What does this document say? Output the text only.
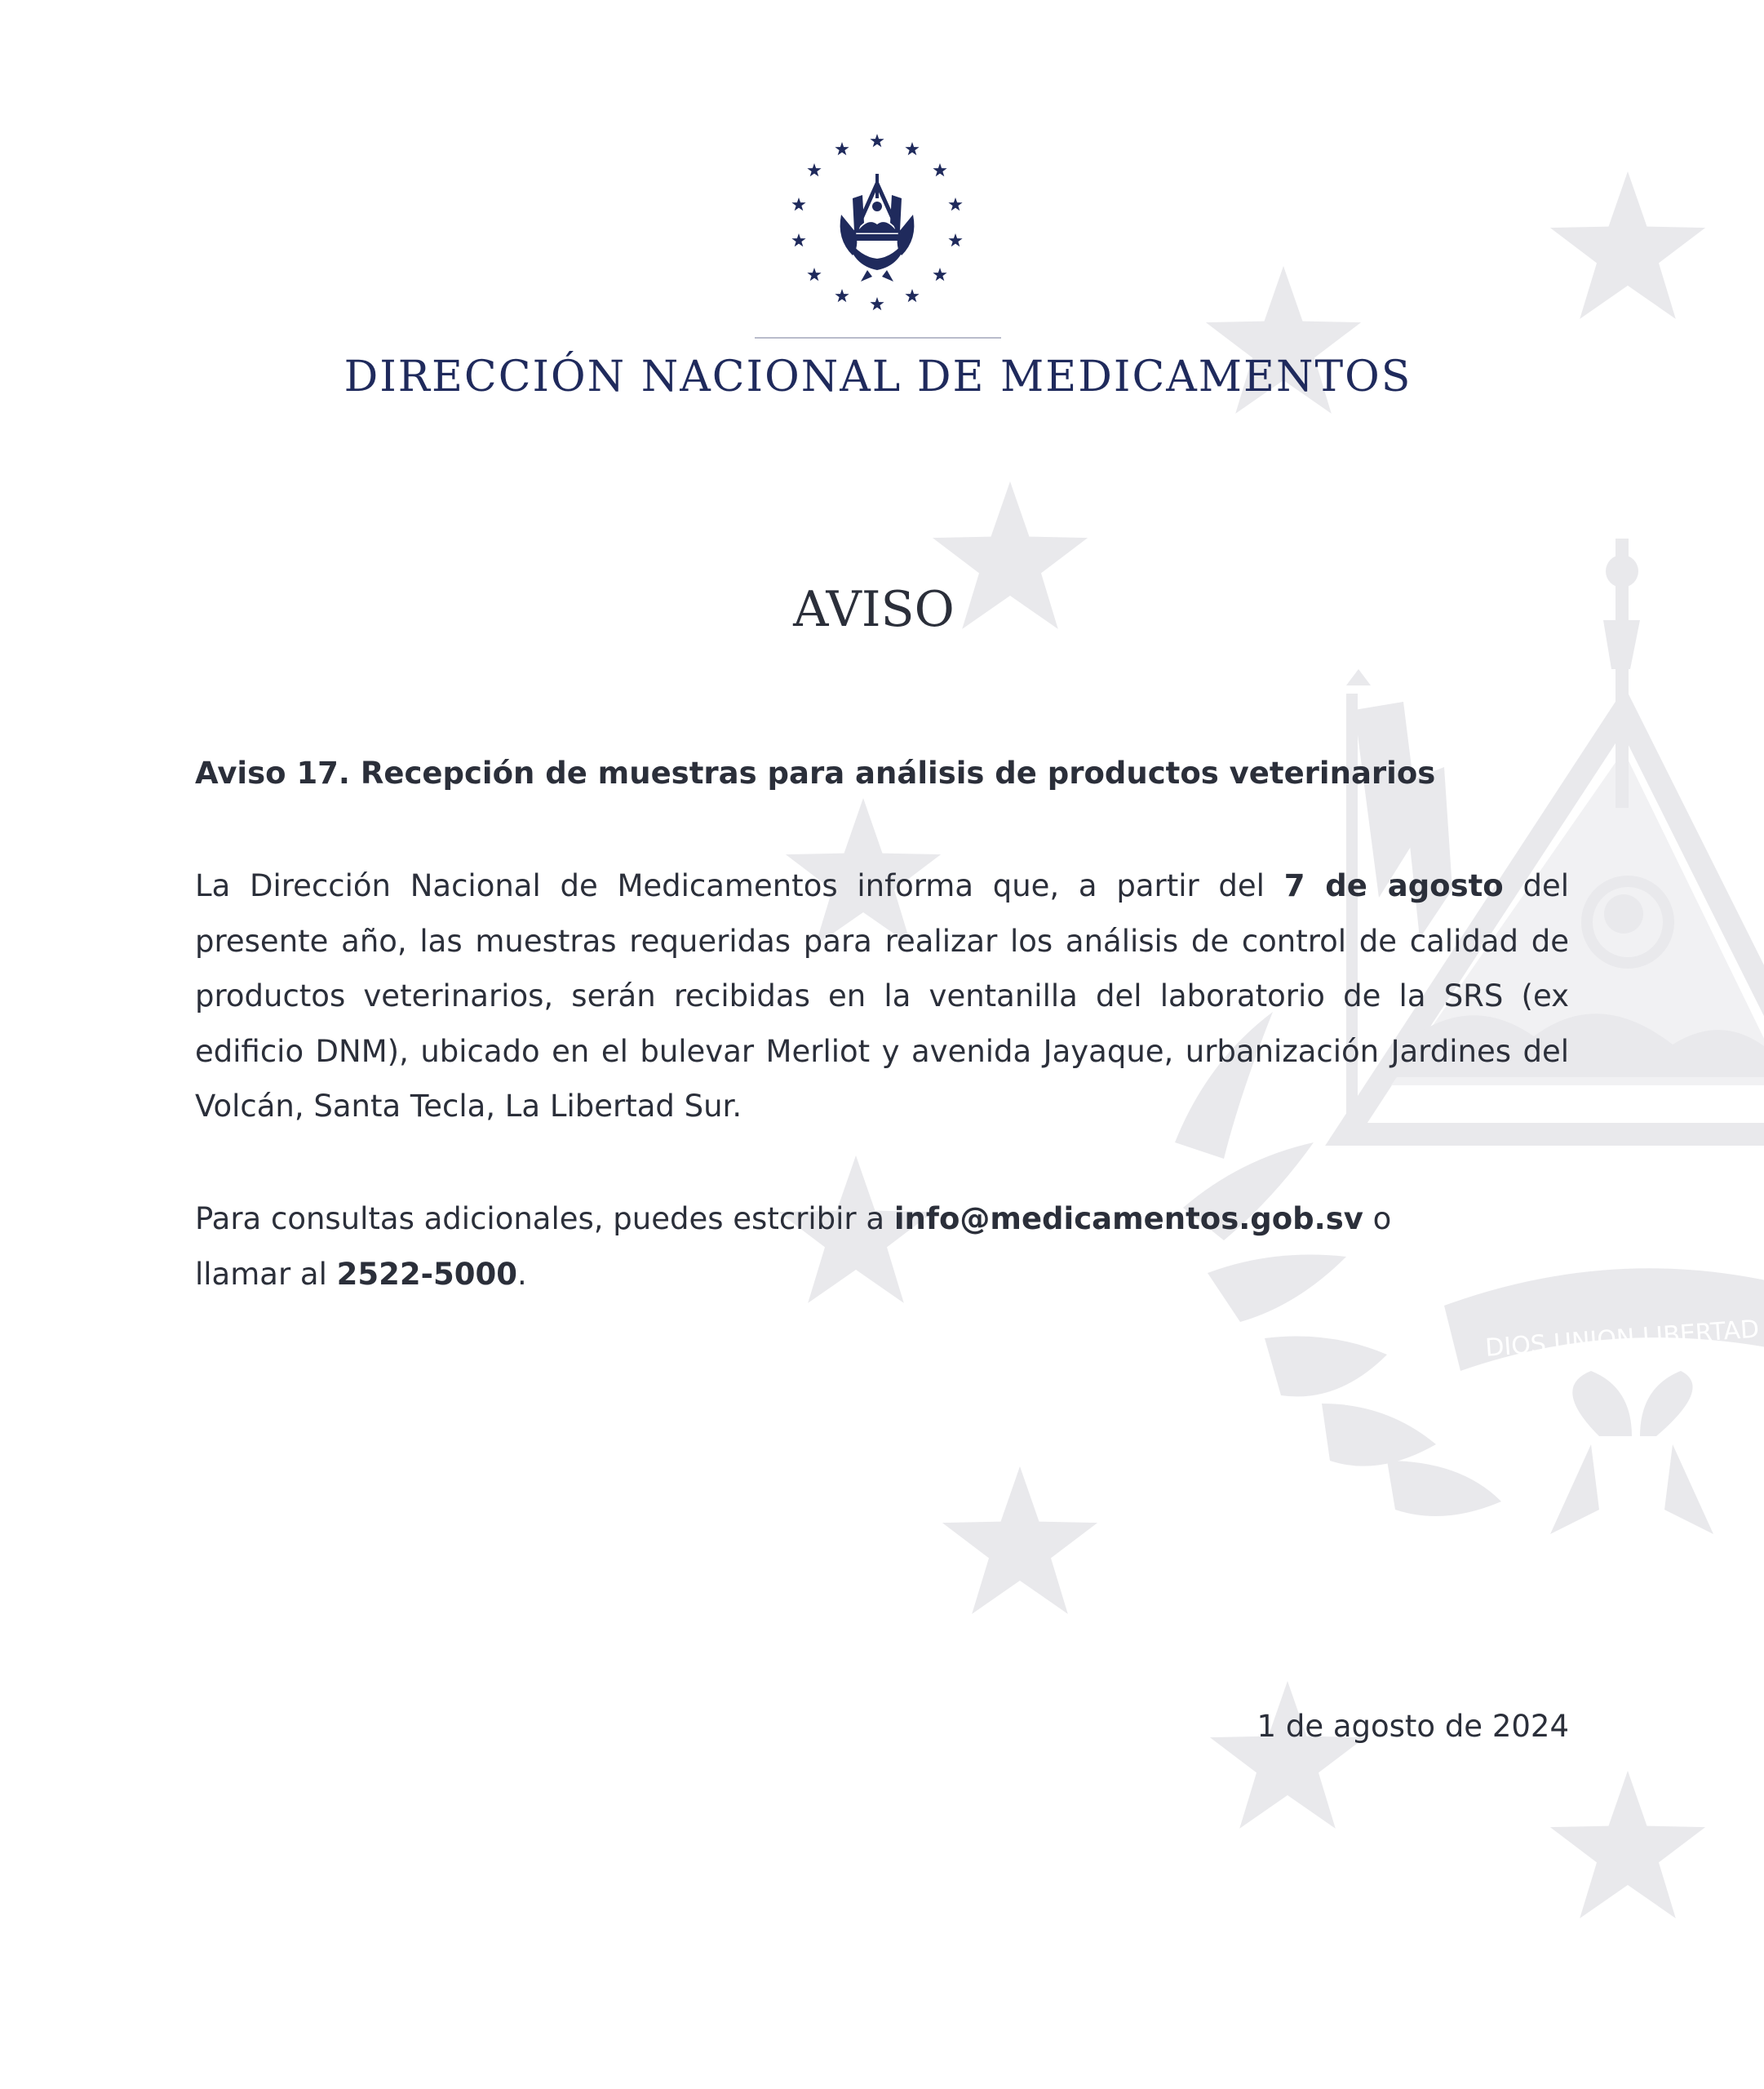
DIOS UNION LIBERTAD
DIRECCIÓN NACIONAL DE MEDICAMENTOS
AVISO

Aviso 17. Recepción de muestras para análisis de productos veterinarios

La Dirección Nacional de Medicamentos informa que, a partir del 7 de agosto del presente año, las muestras requeridas para realizar los análisis de control de calidad de productos veterinarios, serán recibidas en la ventanilla del laboratorio de la SRS (ex edificio DNM), ubicado en el bulevar Merliot y avenida Jayaque, urbanización Jardines del Volcán, Santa Tecla, La Libertad Sur.

Para consultas adicionales, puedes estcribir a info@medicamentos.gob.sv o
llamar al 2522-5000.

1 de agosto de 2024
